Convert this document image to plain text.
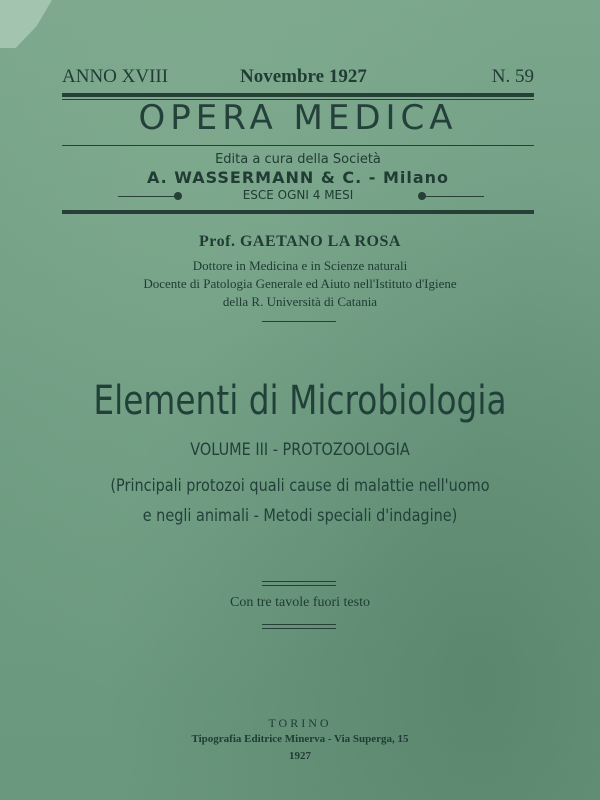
ANNO XVIII	Novembre 1927	N. 59
OPERA MEDICA
Edita a cura della Società
A. WASSERMANN & C. - Milano
ESCE OGNI 4 MESI
Prof. GAETANO LA ROSA
Dottore in Medicina e in Scienze naturali
Docente di Patologia Generale ed Aiuto nell'Istituto d'Igiene
della R. Università di Catania
Elementi di Microbiologia
VOLUME III - PROTOZOOLOGIA
(Principali protozoi quali cause di malattie nell'uomo
e negli animali - Metodi speciali d'indagine)
Con tre tavole fuori testo
TORINO
Tipografia Editrice Minerva - Via Superga, 15
1927
